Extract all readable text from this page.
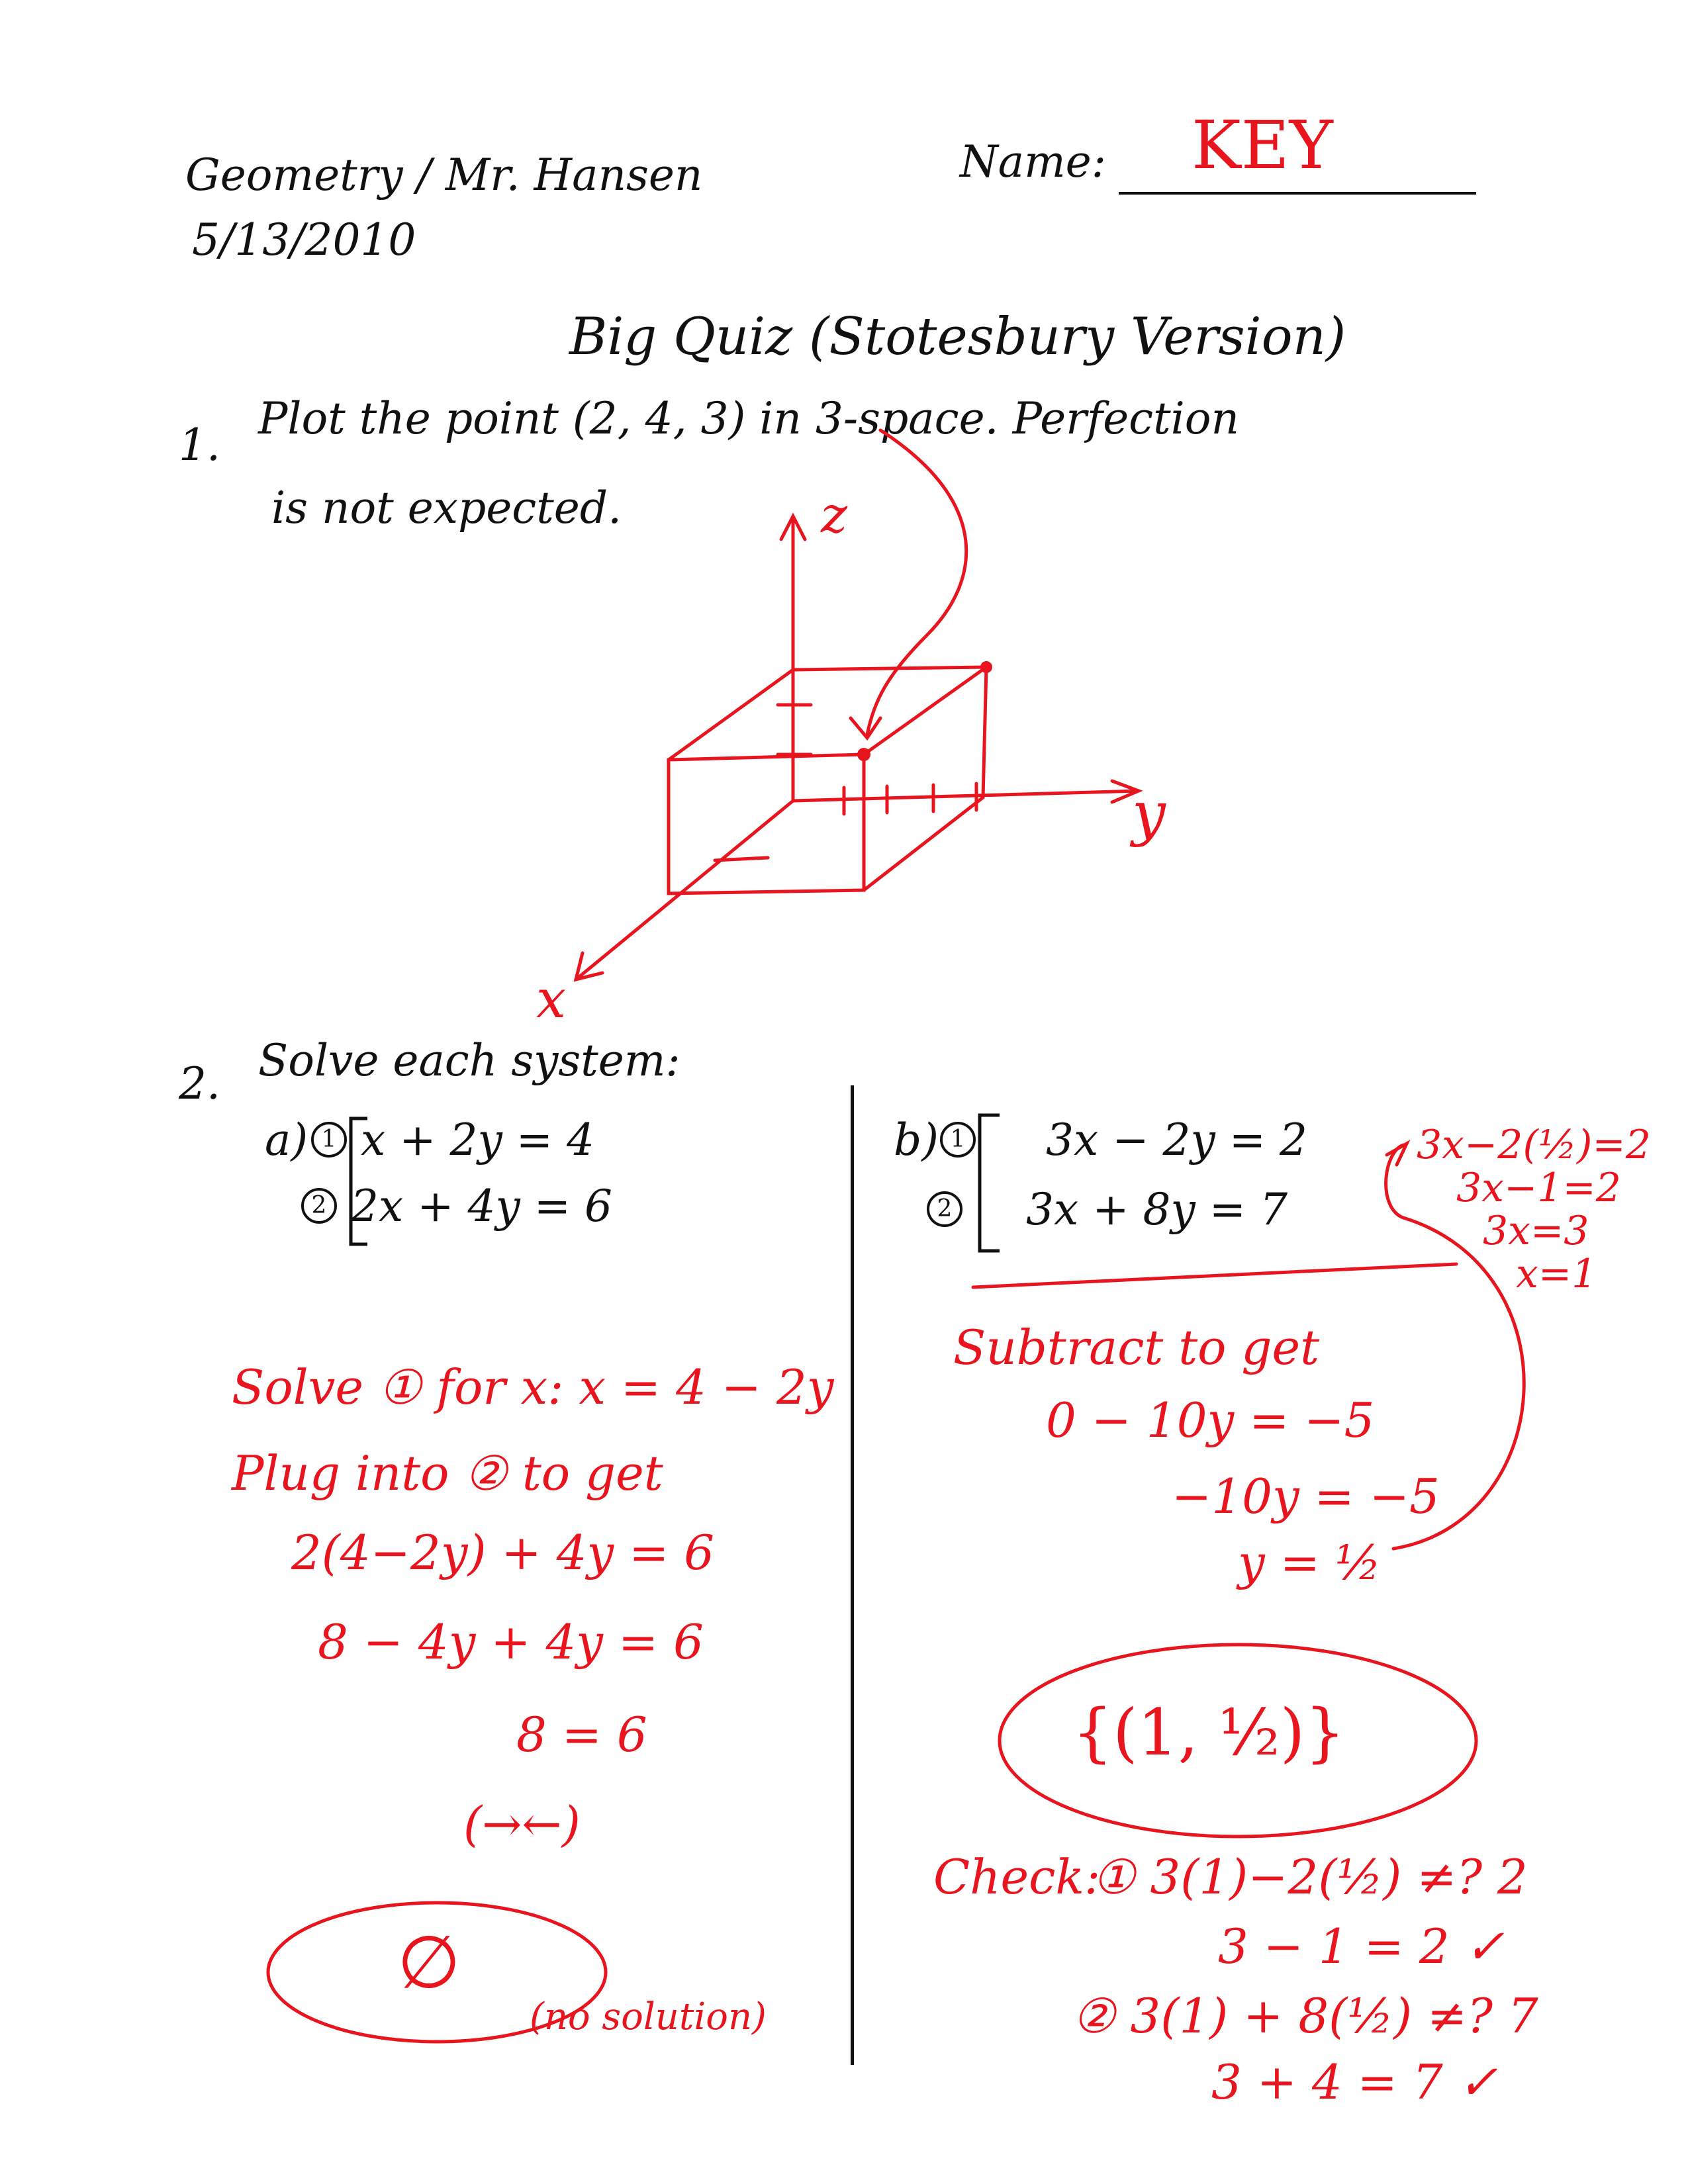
Geometry / Mr. Hansen
5/13/2010
Name: KEY
Big Quiz (Stotesbury Version)
1.
Plot the point (2, 4, 3) in 3-space. Perfection
is not expected.	z
y
x
2. Solve each system:
a) 1
2
x + 2y = 4
2x + 4y = 6
Solve ① for x: x = 4 − 2y
Plug into ② to get
2(4−2y) + 4y = 6
8 − 4y + 4y = 6
8 = 6
(→←)
∅
(no solution)
b) 1
2
3x − 2y = 2
3x + 8y = 7
3x−2(½)=2
3x−1=2
3x=3
x=1
Subtract to get
0 − 10y = −5
−10y = −5
y = ½
{(1, ½)}
Check:
① 3(1)−2(½) ≠? 2
3 − 1 = 2 ✓
② 3(1) + 8(½) ≠? 7
3 + 4 = 7 ✓
